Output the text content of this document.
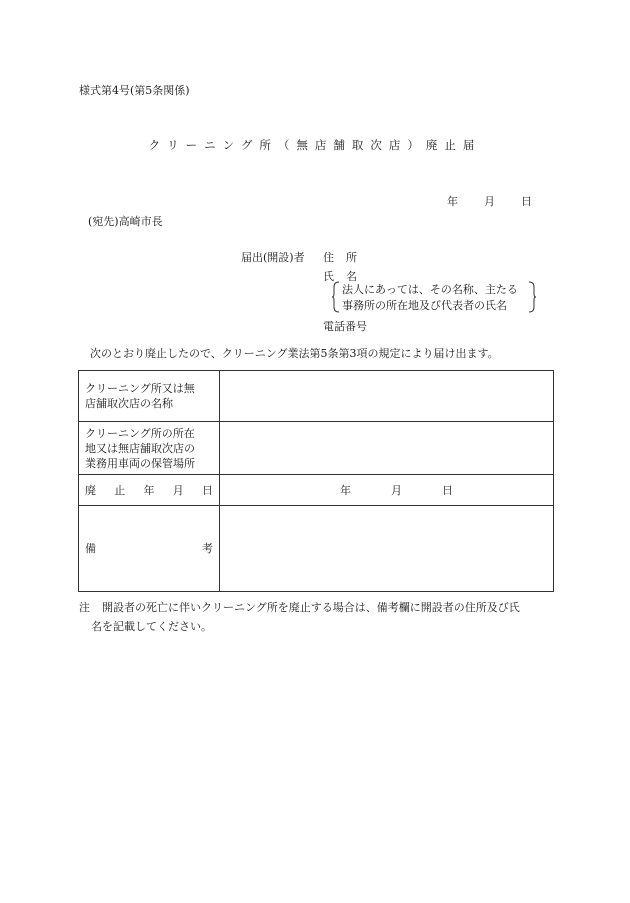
様式第4号(第5条関係)
クリーニング所（無店舗取次店）廃止届
年 月 日
(宛先)高崎市長
届出(開設)者 住所
氏名
法人にあっては、その名称、主たる
事務所の所在地及び代表者の氏名
電話番号
次のとおり廃止したので、クリーニング業法第5条第3項の規定により届け出ます。
クリーニング所又は無
店舗取次店の名称	

クリーニング所の所在
地又は無店舗取次店の
業務用車両の保管場所	

廃 止 年 月 日	年 月 日

備 考	

注 開設者の死亡に伴いクリーニング所を廃止する場合は、備考欄に開設者の住所及び氏
名を記載してください。
